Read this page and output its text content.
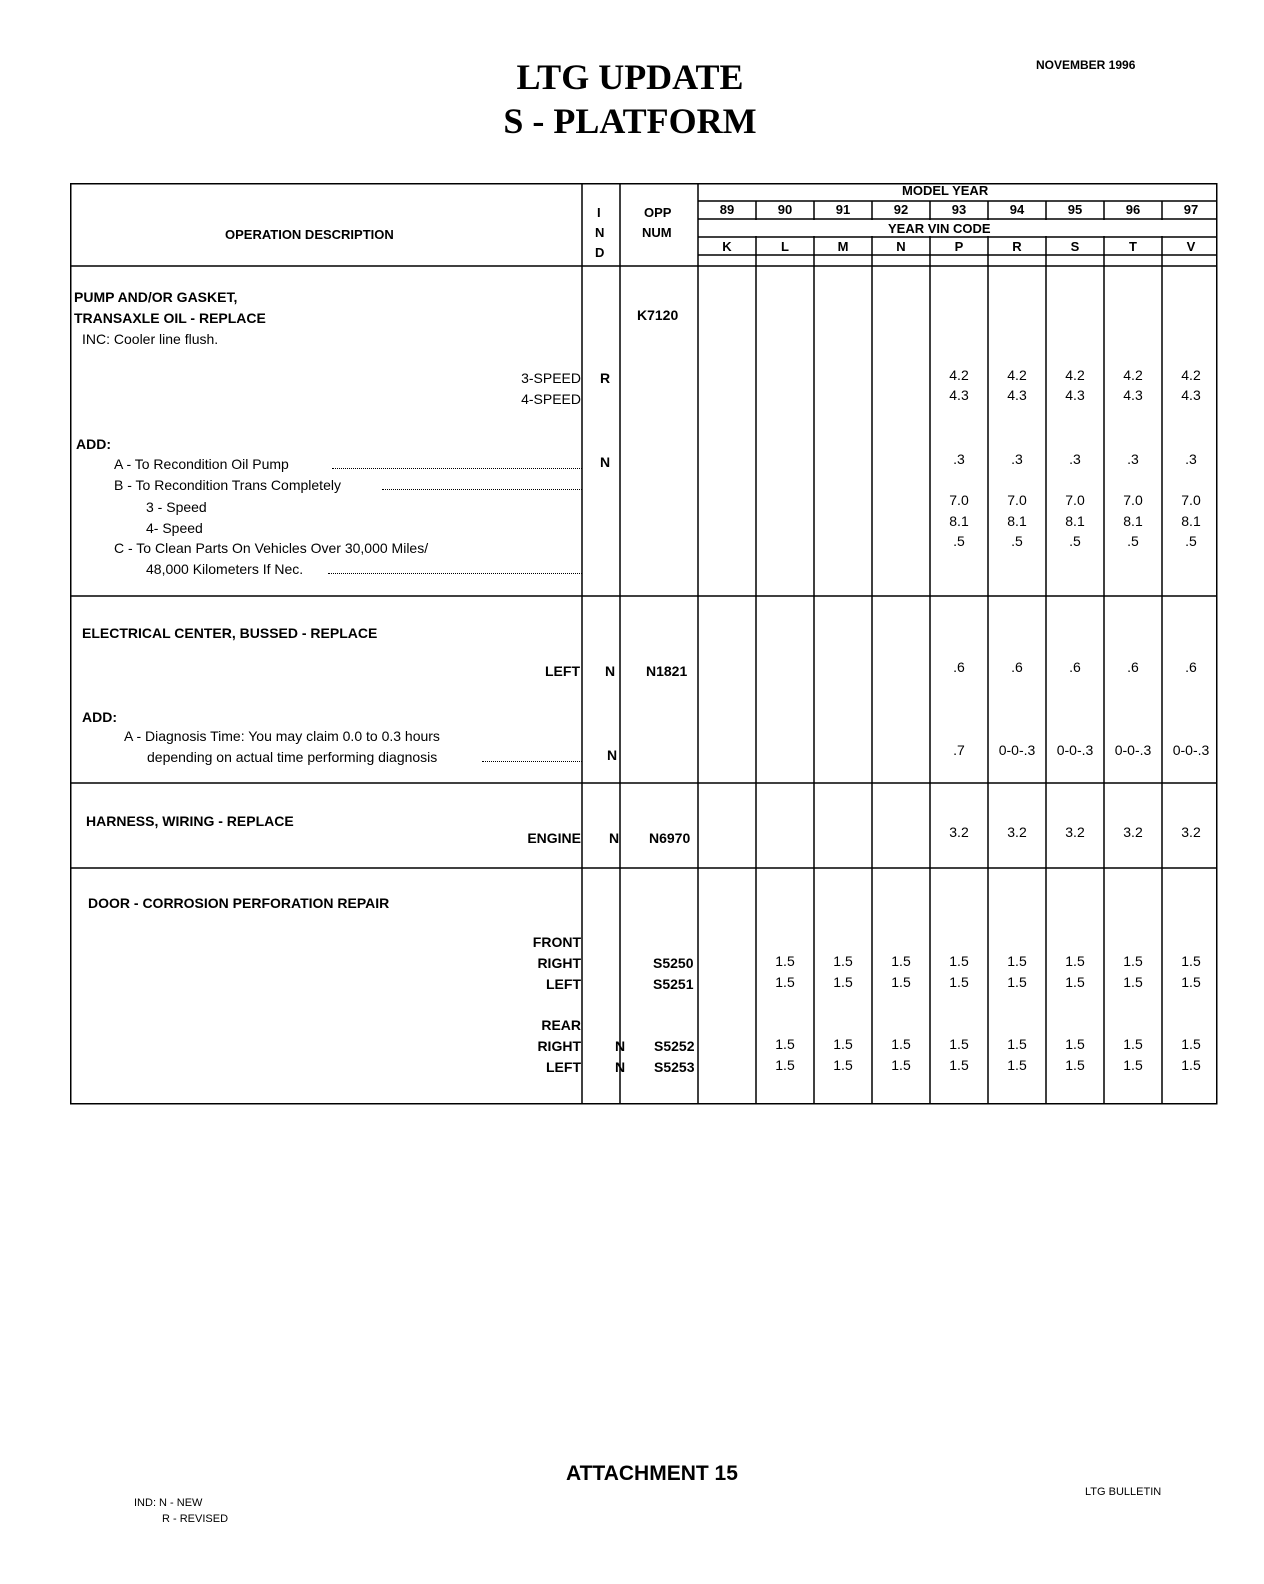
LTG UPDATE
S - PLATFORM
NOVEMBER 1996
OPERATION DESCRIPTION
I
N
D
OPP
NUM
MODEL YEAR
YEAR VIN CODE
PUMP AND/OR GASKET,
TRANSAXLE OIL - REPLACE
INC: Cooler line flush.
K7120
3-SPEED
4-SPEED
R
ADD:
A - To Recondition Oil Pump	N
B - To Recondition Trans Completely
3 - Speed
4- Speed
C - To Clean Parts On Vehicles Over 30,000 Miles/
48,000 Kilometers If Nec.
ELECTRICAL CENTER, BUSSED - REPLACE
LEFT N N1821
ADD:
A - Diagnosis Time: You may claim 0.0 to 0.3 hours
depending on actual time performing diagnosis	N
HARNESS, WIRING - REPLACE
ENGINE N N6970
DOOR - CORROSION PERFORATION REPAIR
FRONT
RIGHT
LEFT
S5250
S5251
REAR
RIGHT
LEFT
N
N
S5252
S5253
89
K
90
L
91
M
92
N
93
P
94
R
95
S
96
T
97
V
4.2
4.3
.3
7.0
8.1
.5
.6
.7
3.2
4.2
4.3
.3
7.0
8.1
.5
.6
0-0-.3
3.2
4.2
4.3
.3
7.0
8.1
.5
.6
0-0-.3
3.2
4.2
4.3
.3
7.0
8.1
.5
.6
0-0-.3
3.2
4.2
4.3
.3
7.0
8.1
.5
.6
0-0-.3
3.2
1.5
1.5
1.5
1.5
1.5
1.5
1.5
1.5
1.5
1.5
1.5
1.5
1.5
1.5
1.5
1.5
1.5
1.5
1.5
1.5
1.5
1.5
1.5
1.5
1.5
1.5
1.5
1.5
1.5
1.5
1.5
1.5
ATTACHMENT 15
LTG BULLETIN
IND: N - NEW
R - REVISED
